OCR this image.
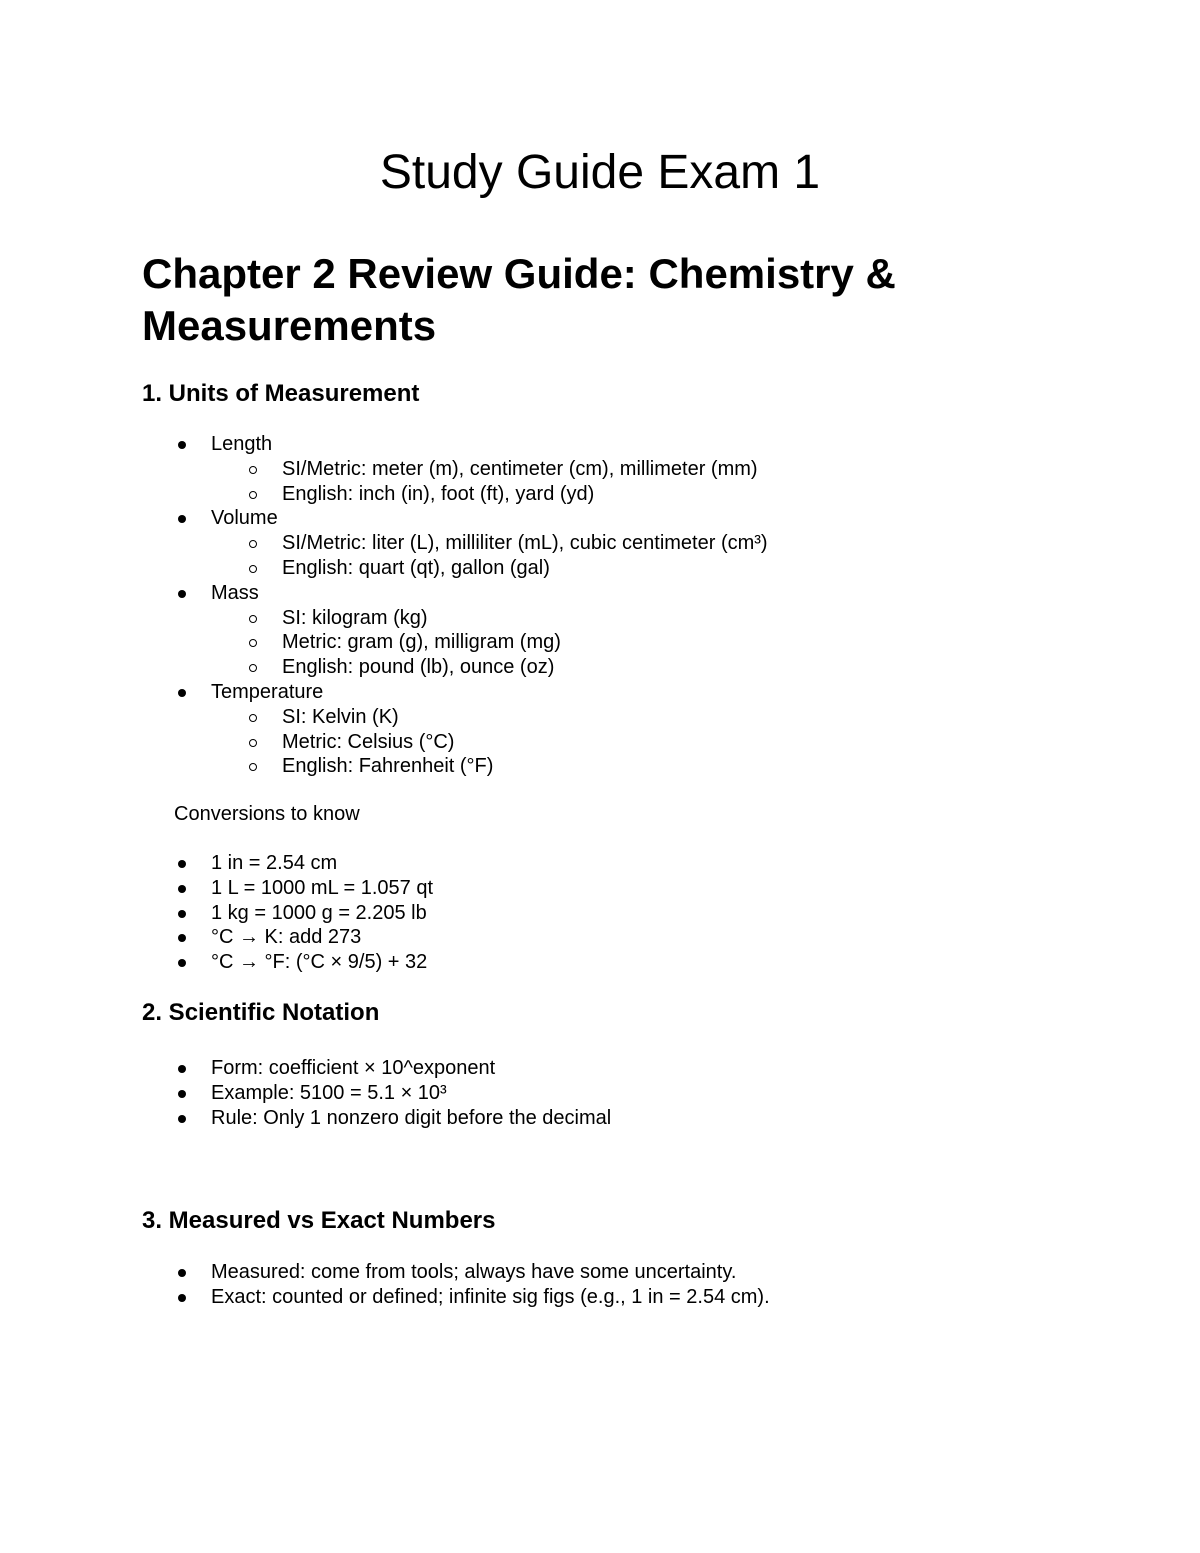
Study Guide Exam 1
Chapter 2 Review Guide: Chemistry & Measurements
1. Units of Measurement
Length
SI/Metric: meter (m), centimeter (cm), millimeter (mm)
English: inch (in), foot (ft), yard (yd)
Volume
SI/Metric: liter (L), milliliter (mL), cubic centimeter (cm³)
English: quart (qt), gallon (gal)
Mass
SI: kilogram (kg)
Metric: gram (g), milligram (mg)
English: pound (lb), ounce (oz)
Temperature
SI: Kelvin (K)
Metric: Celsius (°C)
English: Fahrenheit (°F)

Conversions to know

1 in = 2.54 cm
1 L = 1000 mL = 1.057 qt
1 kg = 1000 g = 2.205 lb
°C → K: add 273
°C → °F: (°C × 9/5) + 32
2. Scientific Notation
Form: coefficient × 10^exponent
Example: 5100 = 5.1 × 10³
Rule: Only 1 nonzero digit before the decimal
3. Measured vs Exact Numbers
Measured: come from tools; always have some uncertainty.
Exact: counted or defined; infinite sig figs (e.g., 1 in = 2.54 cm).
